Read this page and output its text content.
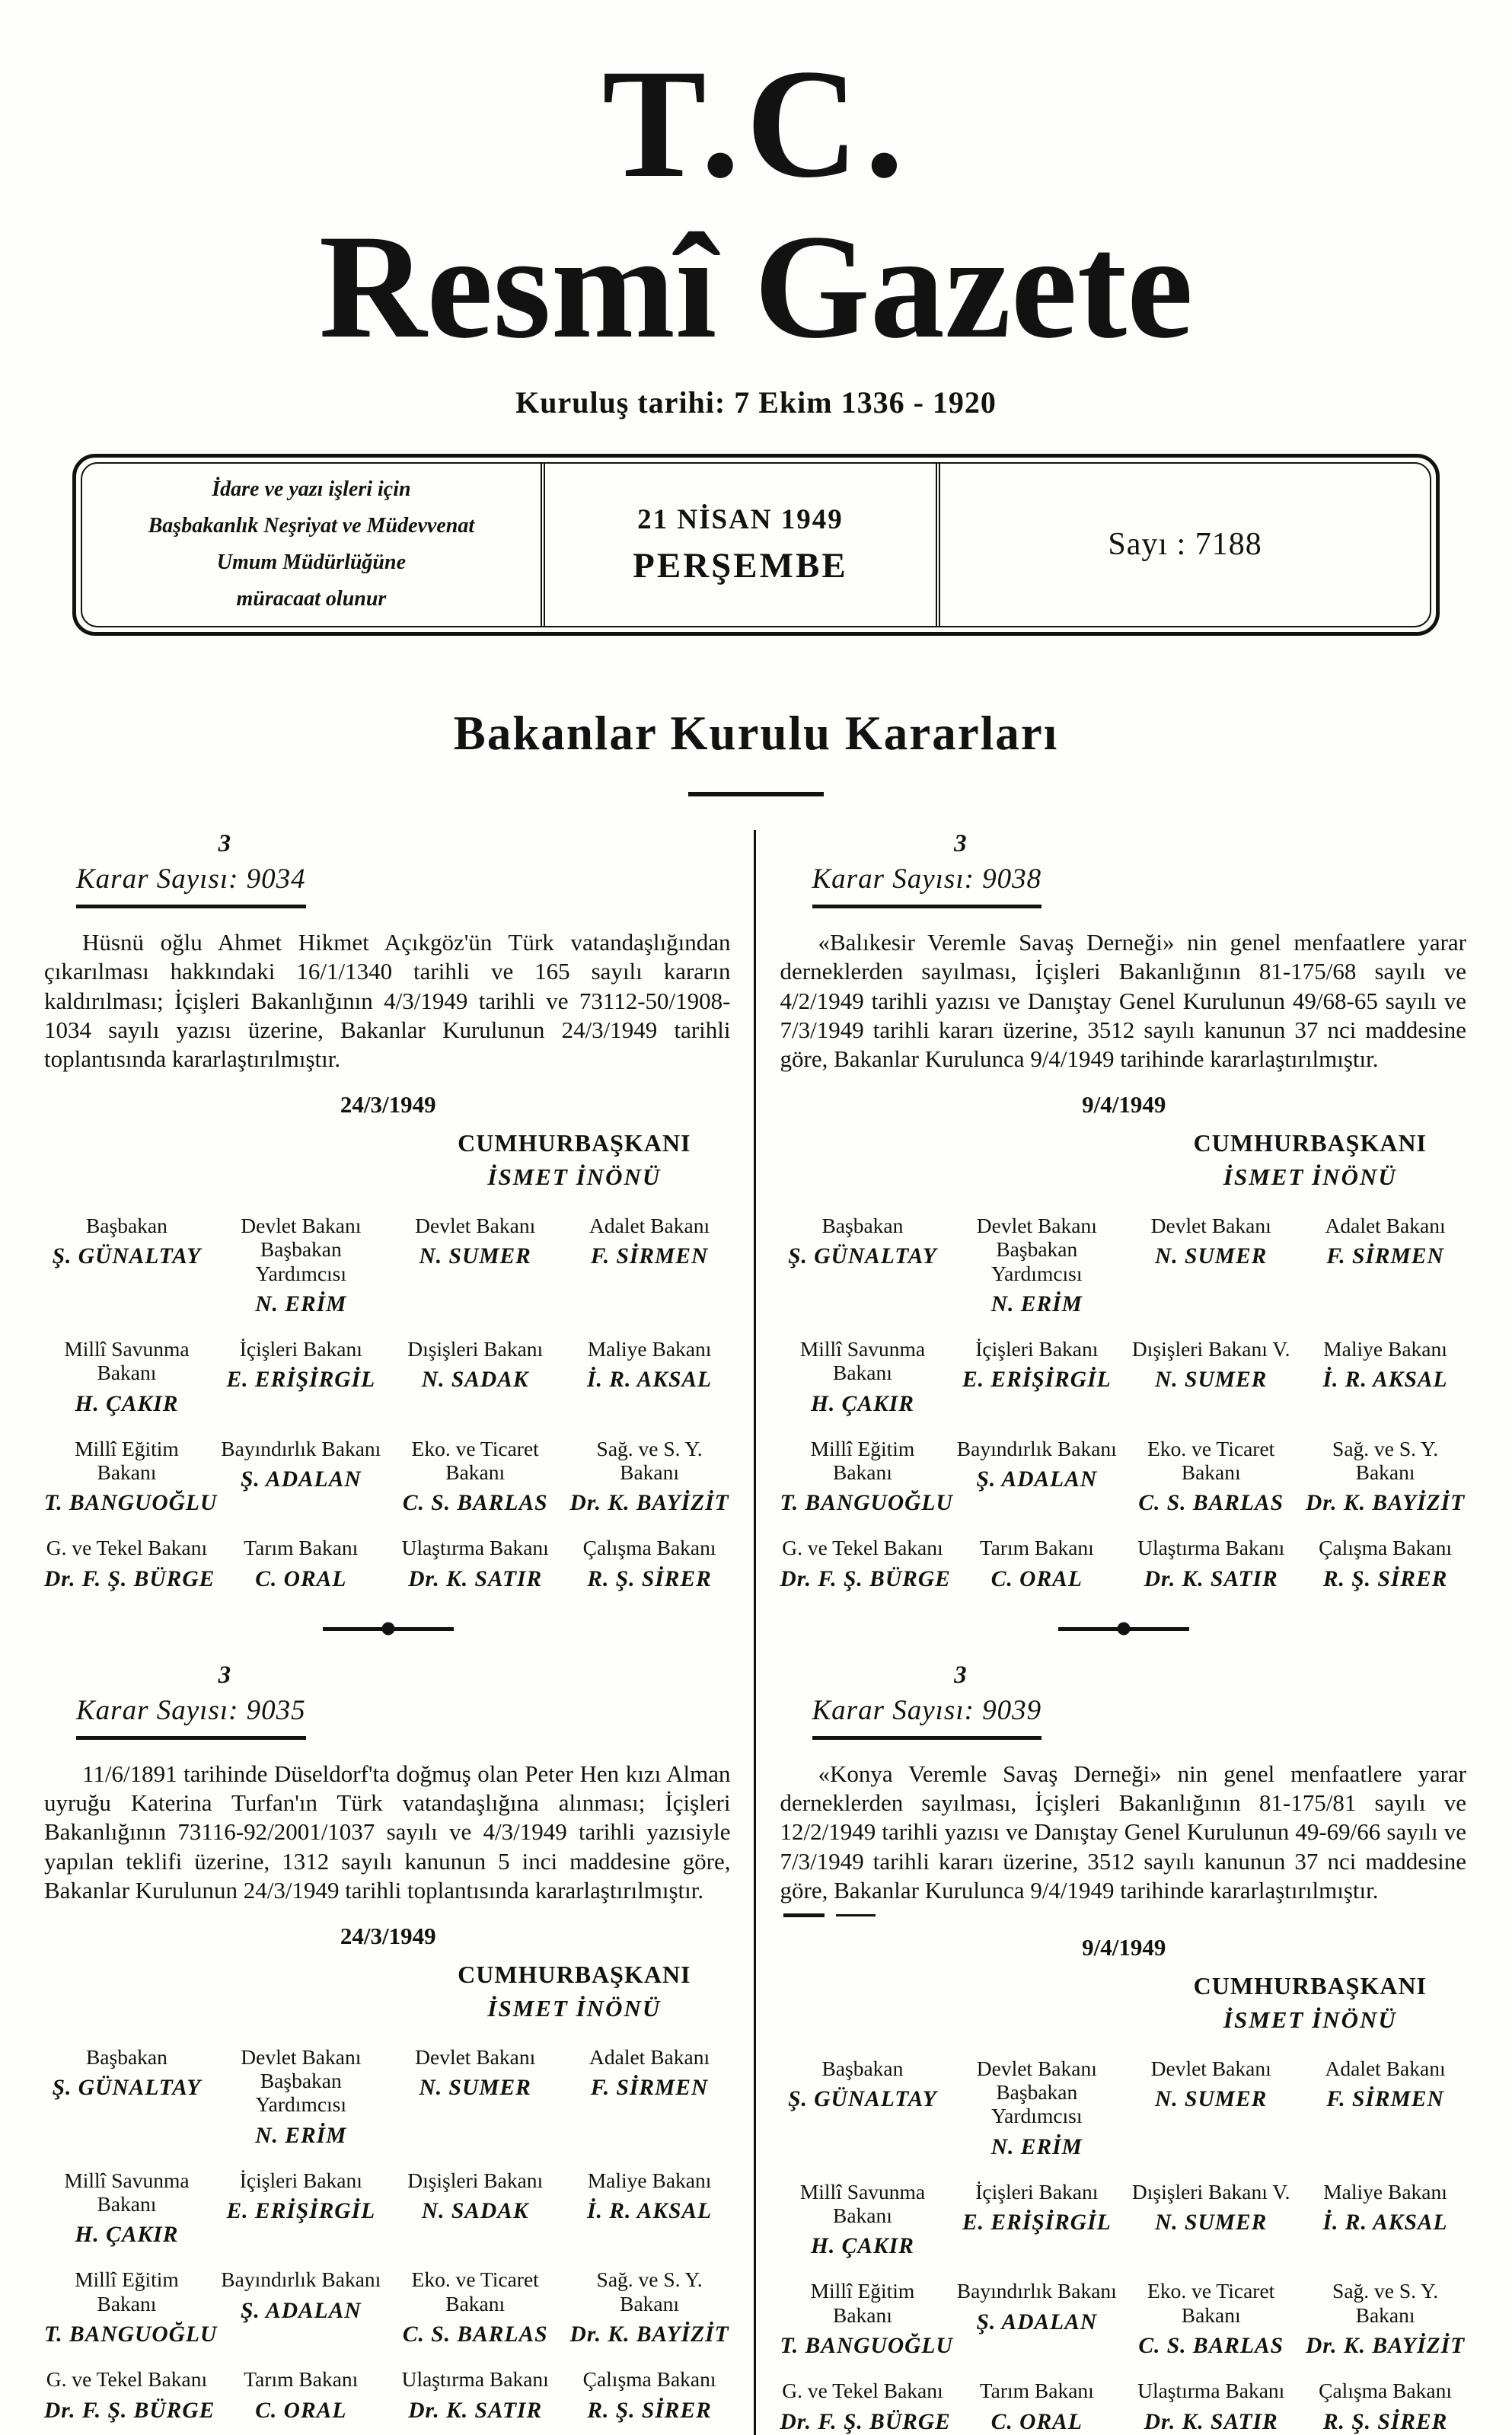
T.C.
Resmî Gazete
Kuruluş tarihi: 7 Ekim 1336 - 1920
İdare ve yazı işleri için
Başbakanlık Neşriyat ve Müdevvenat
Umum Müdürlüğüne
müracaat olunur
21 NİSAN 1949
PERŞEMBE
Sayı : 7188
Bakanlar Kurulu Kararları
3
Karar Sayısı: 9034

Hüsnü oğlu Ahmet Hikmet Açıkgöz'ün Türk vatandaşlığından çıkarılması hakkındaki 16/1/1340 tarihli ve 165 sayılı kararın kaldırılması; İçişleri Bakanlığının 4/3/1949 tarihli ve 73112-50/1908-1034 sayılı yazısı üzerine, Bakanlar Kurulunun 24/3/1949 tarihli toplantısında kararlaştırılmıştır.

24/3/1949
CUMHURBAŞKANI
İSMET İNÖNÜ
Başbakan
Ş. GÜNALTAY
Devlet Bakanı
Başbakan Yardımcısı
N. ERİM
Devlet Bakanı
N. SUMER
Adalet Bakanı
F. SİRMEN
Millî Savunma Bakanı
H. ÇAKIR
İçişleri Bakanı
E. ERİŞİRGİL
Dışişleri Bakanı
N. SADAK
Maliye Bakanı
İ. R. AKSAL
Millî Eğitim Bakanı
T. BANGUOĞLU
Bayındırlık Bakanı
Ş. ADALAN
Eko. ve Ticaret Bakanı
C. S. BARLAS
Sağ. ve S. Y. Bakanı
Dr. K. BAYİZİT
G. ve Tekel Bakanı
Dr. F. Ş. BÜRGE
Tarım Bakanı
C. ORAL
Ulaştırma Bakanı
Dr. K. SATIR
Çalışma Bakanı
R. Ş. SİRER
3
Karar Sayısı: 9035

11/6/1891 tarihinde Düseldorf'ta doğmuş olan Peter Hen kızı Alman uyruğu Katerina Turfan'ın Türk vatandaşlığına alınması; İçişleri Bakanlığının 73116-92/2001/1037 sayılı ve 4/3/1949 tarihli yazısiyle yapılan teklifi üzerine, 1312 sayılı kanunun 5 inci maddesine göre, Bakanlar Kurulunun 24/3/1949 tarihli toplantısında kararlaştırılmıştır.

24/3/1949
CUMHURBAŞKANI
İSMET İNÖNÜ
Başbakan
Ş. GÜNALTAY
Devlet Bakanı
Başbakan Yardımcısı
N. ERİM
Devlet Bakanı
N. SUMER
Adalet Bakanı
F. SİRMEN
Millî Savunma Bakanı
H. ÇAKIR
İçişleri Bakanı
E. ERİŞİRGİL
Dışişleri Bakanı
N. SADAK
Maliye Bakanı
İ. R. AKSAL
Millî Eğitim Bakanı
T. BANGUOĞLU
Bayındırlık Bakanı
Ş. ADALAN
Eko. ve Ticaret Bakanı
C. S. BARLAS
Sağ. ve S. Y. Bakanı
Dr. K. BAYİZİT
G. ve Tekel Bakanı
Dr. F. Ş. BÜRGE
Tarım Bakanı
C. ORAL
Ulaştırma Bakanı
Dr. K. SATIR
Çalışma Bakanı
R. Ş. SİRER
3
Karar Sayısı: 9038

«Balıkesir Veremle Savaş Derneği» nin genel menfaatlere yarar derneklerden sayılması, İçişleri Bakanlığının 81-175/68 sayılı ve 4/2/1949 tarihli yazısı ve Danıştay Genel Kurulunun 49/68-65 sayılı ve 7/3/1949 tarihli kararı üzerine, 3512 sayılı kanunun 37 nci maddesine göre, Bakanlar Kurulunca 9/4/1949 tarihinde kararlaştırılmıştır.

9/4/1949
CUMHURBAŞKANI
İSMET İNÖNÜ
Başbakan
Ş. GÜNALTAY
Devlet Bakanı
Başbakan Yardımcısı
N. ERİM
Devlet Bakanı
N. SUMER
Adalet Bakanı
F. SİRMEN
Millî Savunma Bakanı
H. ÇAKIR
İçişleri Bakanı
E. ERİŞİRGİL
Dışişleri Bakanı V.
N. SUMER
Maliye Bakanı
İ. R. AKSAL
Millî Eğitim Bakanı
T. BANGUOĞLU
Bayındırlık Bakanı
Ş. ADALAN
Eko. ve Ticaret Bakanı
C. S. BARLAS
Sağ. ve S. Y. Bakanı
Dr. K. BAYİZİT
G. ve Tekel Bakanı
Dr. F. Ş. BÜRGE
Tarım Bakanı
C. ORAL
Ulaştırma Bakanı
Dr. K. SATIR
Çalışma Bakanı
R. Ş. SİRER
3
Karar Sayısı: 9039

«Konya Veremle Savaş Derneği» nin genel menfaatlere yarar derneklerden sayılması, İçişleri Bakanlığının 81-175/81 sayılı ve 12/2/1949 tarihli yazısı ve Danıştay Genel Kurulunun 49-69/66 sayılı ve 7/3/1949 tarihli kararı üzerine, 3512 sayılı kanunun 37 nci maddesine göre, Bakanlar Kurulunca 9/4/1949 tarihinde kararlaştırılmıştır.

9/4/1949
CUMHURBAŞKANI
İSMET İNÖNÜ
Başbakan
Ş. GÜNALTAY
Devlet Bakanı
Başbakan Yardımcısı
N. ERİM
Devlet Bakanı
N. SUMER
Adalet Bakanı
F. SİRMEN
Millî Savunma Bakanı
H. ÇAKIR
İçişleri Bakanı
E. ERİŞİRGİL
Dışişleri Bakanı V.
N. SUMER
Maliye Bakanı
İ. R. AKSAL
Millî Eğitim Bakanı
T. BANGUOĞLU
Bayındırlık Bakanı
Ş. ADALAN
Eko. ve Ticaret Bakanı
C. S. BARLAS
Sağ. ve S. Y. Bakanı
Dr. K. BAYİZİT
G. ve Tekel Bakanı
Dr. F. Ş. BÜRGE
Tarım Bakanı
C. ORAL
Ulaştırma Bakanı
Dr. K. SATIR
Çalışma Bakanı
R. Ş. SİRER
